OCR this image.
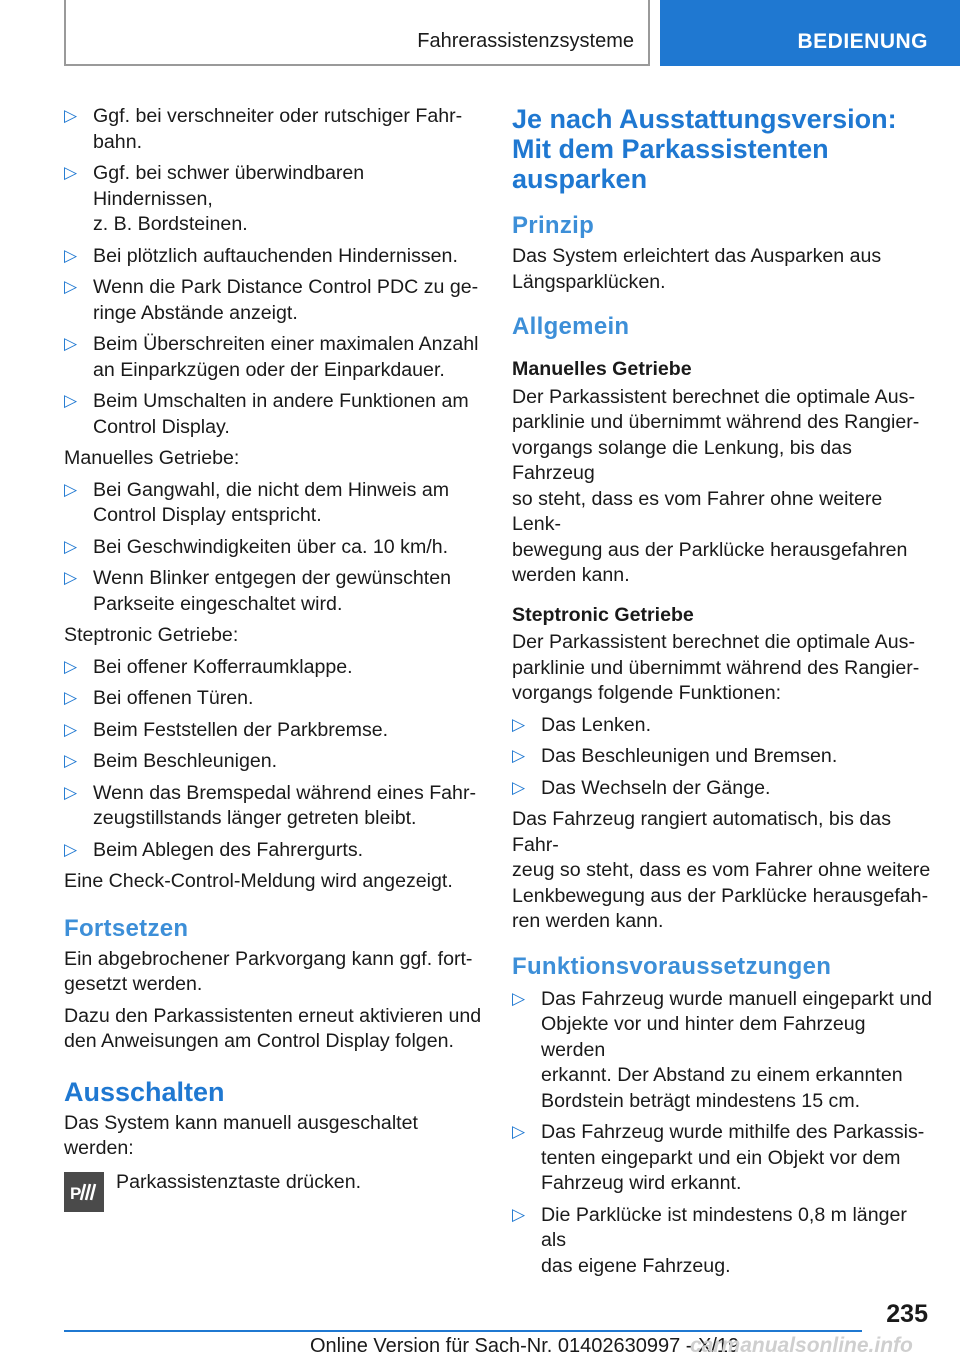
Fahrerassistenzsysteme	BEDIENUNG
▷ Ggf. bei verschneiter oder rutschiger Fahr-
bahn.
▷ Ggf. bei schwer überwindbaren Hindernissen,
z. B. Bordsteinen.
▷ Bei plötzlich auftauchenden Hindernissen.
▷ Wenn die Park Distance Control PDC zu ge-
ringe Abstände anzeigt.
▷ Beim Überschreiten einer maximalen Anzahl
an Einparkzügen oder der Einparkdauer.
▷ Beim Umschalten in andere Funktionen am
Control Display.
Manuelles Getriebe:
▷ Bei Gangwahl, die nicht dem Hinweis am
Control Display entspricht.
▷ Bei Geschwindigkeiten über ca. 10 km/h.
▷ Wenn Blinker entgegen der gewünschten
Parkseite eingeschaltet wird.
Steptronic Getriebe:
▷ Bei offener Kofferraumklappe.
▷ Bei offenen Türen.
▷ Beim Feststellen der Parkbremse.
▷ Beim Beschleunigen.
▷ Wenn das Bremspedal während eines Fahr-
zeugstillstands länger getreten bleibt.
▷ Beim Ablegen des Fahrergurts.
Eine Check-Control-Meldung wird angezeigt.
Fortsetzen
Ein abgebrochener Parkvorgang kann ggf. fort-
gesetzt werden.
Dazu den Parkassistenten erneut aktivieren und
den Anweisungen am Control Display folgen.
Ausschalten
Das System kann manuell ausgeschaltet werden:
P
Parkassistenztaste drücken.
Je nach Ausstattungsversion:
Mit dem Parkassistenten
ausparken
Prinzip
Das System erleichtert das Ausparken aus
Längsparklücken.
Allgemein
Manuelles Getriebe
Der Parkassistent berechnet die optimale Aus-
parklinie und übernimmt während des Rangier-
vorgangs solange die Lenkung, bis das Fahrzeug
so steht, dass es vom Fahrer ohne weitere Lenk-
bewegung aus der Parklücke herausgefahren
werden kann.
Steptronic Getriebe
Der Parkassistent berechnet die optimale Aus-
parklinie und übernimmt während des Rangier-
vorgangs folgende Funktionen:
▷ Das Lenken.
▷ Das Beschleunigen und Bremsen.
▷ Das Wechseln der Gänge.
Das Fahrzeug rangiert automatisch, bis das Fahr-
zeug so steht, dass es vom Fahrer ohne weitere
Lenkbewegung aus der Parklücke herausgefah-
ren werden kann.
Funktionsvoraussetzungen
▷ Das Fahrzeug wurde manuell eingeparkt und
Objekte vor und hinter dem Fahrzeug werden
erkannt. Der Abstand zu einem erkannten
Bordstein beträgt mindestens 15 cm.
▷ Das Fahrzeug wurde mithilfe des Parkassis-
tenten eingeparkt und ein Objekt vor dem
Fahrzeug wird erkannt.
▷ Die Parklücke ist mindestens 0,8 m länger als
das eigene Fahrzeug.
235
Online Version für Sach-Nr. 01402630997 - X/19
carmanualsonline.info
